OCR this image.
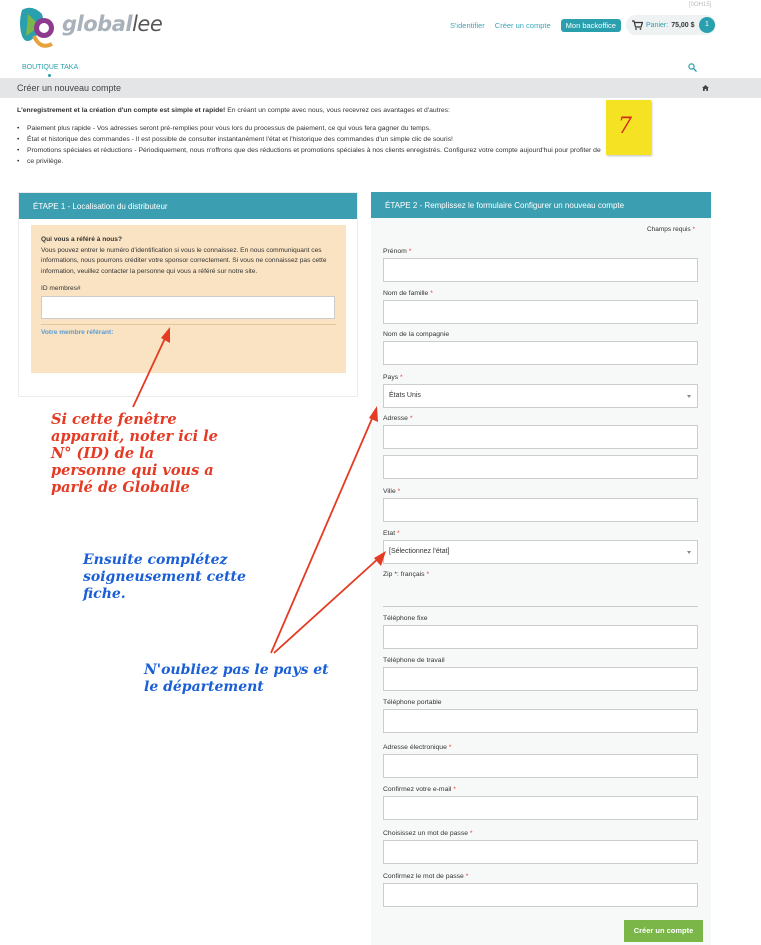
globallee
[0OH15]
S'identifier Créer un compte	Mon backoffice	Panier: 75,00 $	1
BOUTIQUE TAKA
Créer un nouveau compte

L'enregistrement et la création d'un compte est simple et rapide! En créant un compte avec nous, vous recevrez ces avantages et d'autres:

• Paiement plus rapide - Vos adresses seront pré-remplies pour vous lors du processus de paiement, ce qui vous fera gagner du temps.
• État et historique des commandes - Il est possible de consulter instantanément l'état et l'historique des commandes d'un simple clic de souris!
• Promotions spéciales et réductions - Périodiquement, nous n'offrons que des réductions et promotions spéciales à nos clients enregistrés. Configurez votre compte aujourd'hui pour profiter de
• ce privilège.
7
ÉTAPE 1 - Localisation du distributeur
Qui vous a référé à nous?
Vous pouvez entrer le numéro d'identification si vous le connaissez. En nous communiquant ces informations, nous pourrons créditer votre sponsor correctement. Si vous ne connaissez pas cette information, veuillez contacter la personne qui vous a référé sur notre site.
ID membres#
Votre membre référant:
ÉTAPE 2 - Remplissez le formulaire Configurer un nouveau compte
Champs requis *
Prénom *
Nom de famille *
Nom de la compagnie
Pays *
États Unis
Adresse *
Ville *
Etat *
[Sélectionnez l'état]
Zip *: français *
Téléphone fixe
Téléphone de travail
Téléphone portable
Adresse électronique *
Confirmez votre e-mail *
Choisissez un mot de passe *
Confirmez le mot de passe *
Créer un compte
Si cette fenêtre apparait, noter ici le N° (ID) de la personne qui vous a parlé de Globalle
Ensuite complétez soigneusement cette fiche.
N'oubliez pas le pays et le département
